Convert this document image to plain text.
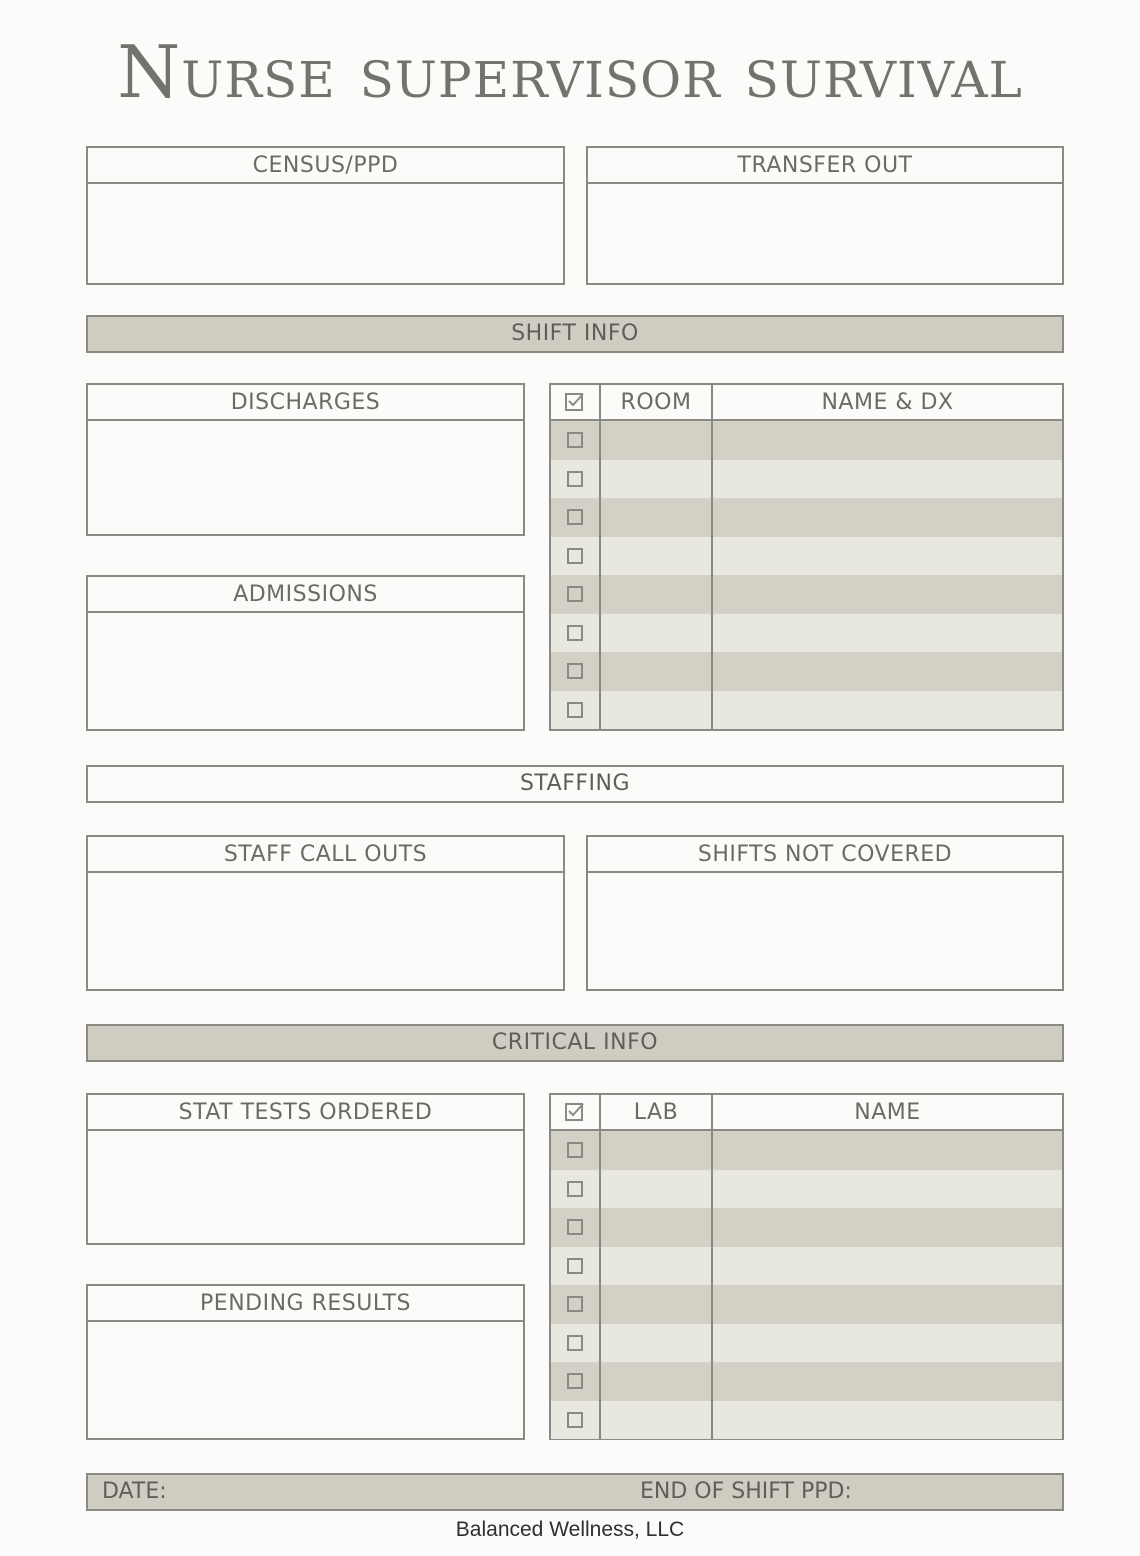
Nurse supervisor survival
CENSUS/PPD	TRANSFER OUT
SHIFT INFO
DISCHARGES
ADMISSIONS
ROOM	NAME & DX
STAFFING
STAFF CALL OUTS	SHIFTS NOT COVERED
CRITICAL INFO
STAT TESTS ORDERED
PENDING RESULTS
LAB	NAME
DATE:	END OF SHIFT PPD:
Balanced Wellness, LLC
